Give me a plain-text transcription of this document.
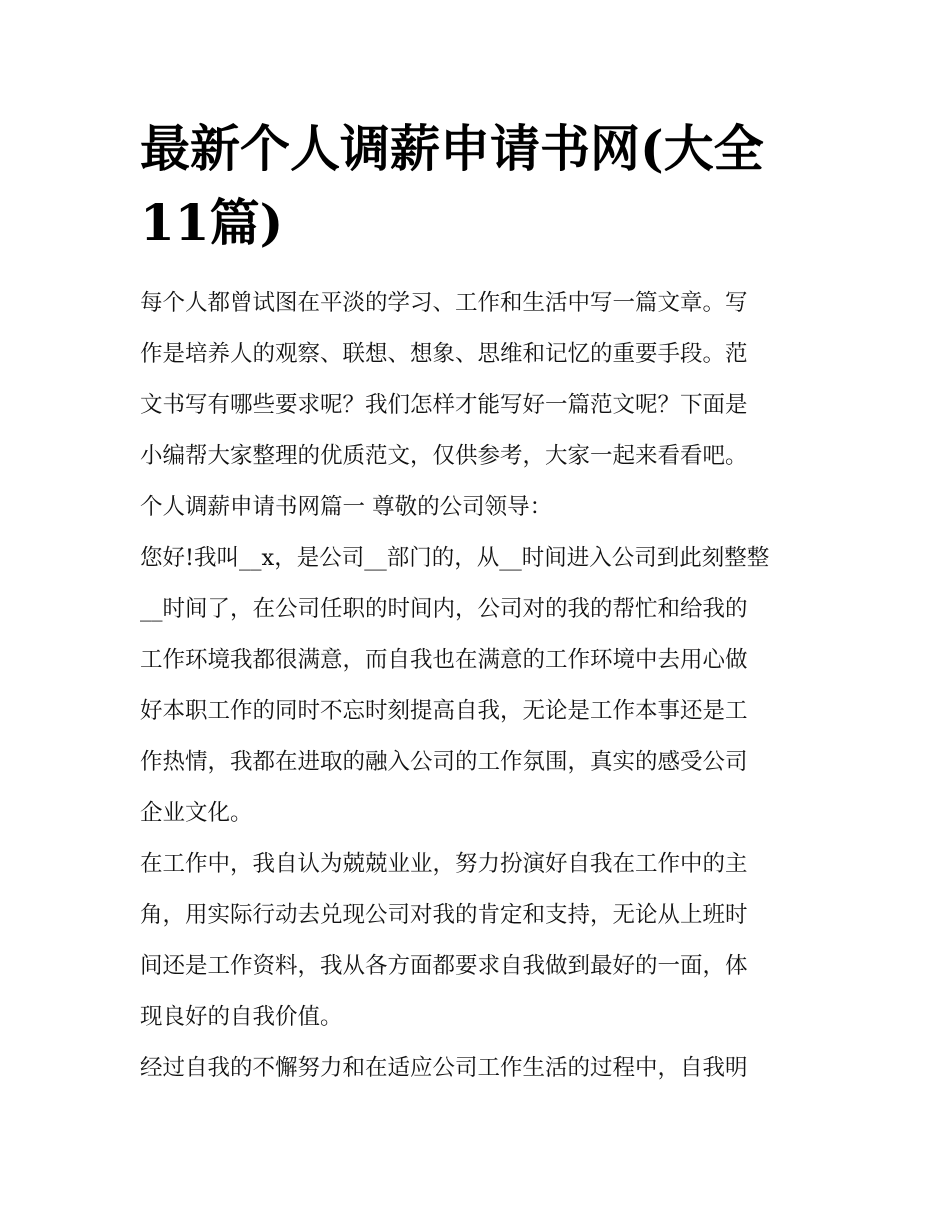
最新个人调薪申请书网(大全
11篇)
每个人都曾试图在平淡的学习、工作和生活中写一篇文章。写
作是培养人的观察、联想、想象、思维和记忆的重要手段。范
文书写有哪些要求呢？我们怎样才能写好一篇范文呢？下面是
小编帮大家整理的优质范文，仅供参考，大家一起来看看吧。
个人调薪申请书网篇一 尊敬的公司领导：
您好!我叫__x，是公司__部门的，从__时间进入公司到此刻整整
__时间了，在公司任职的时间内，公司对的我的帮忙和给我的
工作环境我都很满意，而自我也在满意的工作环境中去用心做
好本职工作的同时不忘时刻提高自我，无论是工作本事还是工
作热情，我都在进取的融入公司的工作氛围，真实的感受公司
企业文化。
在工作中，我自认为兢兢业业，努力扮演好自我在工作中的主
角，用实际行动去兑现公司对我的肯定和支持，无论从上班时
间还是工作资料，我从各方面都要求自我做到最好的一面，体
现良好的自我价值。
经过自我的不懈努力和在适应公司工作生活的过程中，自我明
